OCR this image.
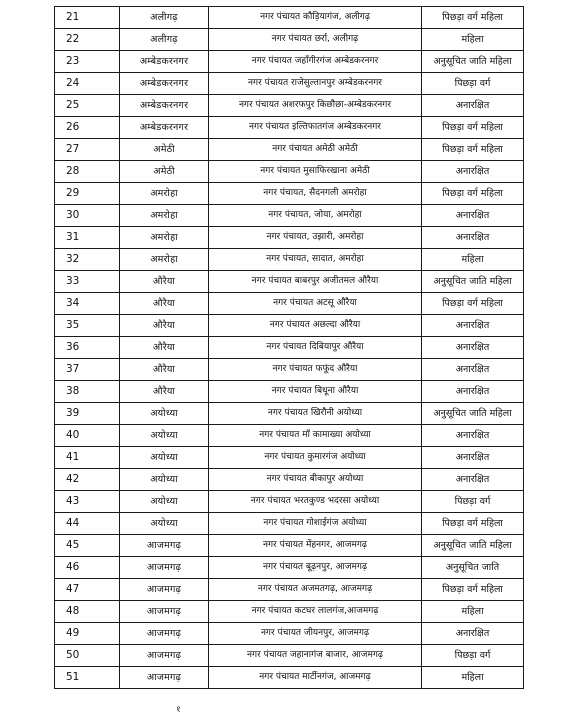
21	अलीगढ़	नगर पंचायत कौड़ियागंज, अलीगढ़	पिछड़ा वर्ग महिला
22	अलीगढ़	नगर पंचायत छर्रा, अलीगढ़	महिला
23	अम्बेडकरनगर	नगर पंचायत जहाँगीरगंज अम्बेडकरनगर	अनुसूचित जाति महिला
24	अम्बेडकरनगर	नगर पंचायत राजेसुल्तानपुर अम्बेडकरनगर	पिछड़ा वर्ग
25	अम्बेडकरनगर	नगर पंचायत अशरफपुर किछौछा-अम्बेडकरनगर	अनारक्षित
26	अम्बेडकरनगर	नगर पंचायत इल्तिफातगंज अम्बेडकरनगर	पिछड़ा वर्ग महिला
27	अमेठी	नगर पंचायत अमेठी अमेठी	पिछड़ा वर्ग महिला
28	अमेठी	नगर पंचायत मुसाफिरखाना अमेठी	अनारक्षित
29	अमरोहा	नगर पंचायत, सैदनगली अमरोहा	पिछड़ा वर्ग महिला
30	अमरोहा	नगर पंचायत, जोया, अमरोहा	अनारक्षित
31	अमरोहा	नगर पंचायत, उझारी, अमरोहा	अनारक्षित
32	अमरोहा	नगर पंचायत, सादात, अमरोहा	महिला
33	औरैया	नगर पंचायत बाबरपुर अजीतमल औरैया	अनुसूचित जाति महिला
34	औरैया	नगर पंचायत अटसू औरैया	पिछड़ा वर्ग महिला
35	औरैया	नगर पंचायत अछल्दा औरैया	अनारक्षित
36	औरैया	नगर पंचायत दिबियापुर औरैया	अनारक्षित
37	औरैया	नगर पंचायत फफूंद औरैया	अनारक्षित
38	औरैया	नगर पंचायत बिधूना औरैया	अनारक्षित
39	अयोध्या	नगर पंचायत खिरौनी अयोध्या	अनुसूचित जाति महिला
40	अयोध्या	नगर पंचायत मॉ कामाख्या अयोध्या	अनारक्षित
41	अयोध्या	नगर पंचायत कुमारगंज अयोध्या	अनारक्षित
42	अयोध्या	नगर पंचायत बीकापुर अयोध्या	अनारक्षित
43	अयोध्या	नगर पंचायत भरतकुण्ड भदरसा अयोध्या	पिछड़ा वर्ग
44	अयोध्या	नगर पंचायत गोशाईगंज अयोध्या	पिछड़ा वर्ग महिला
45	आजमगढ़	नगर पंचायत मेंहनगर, आजमगढ़	अनुसूचित जाति महिला
46	आजमगढ़	नगर पंचायत बूढ़नपुर, आजमगढ़	अनुसूचित जाति
47	आजमगढ़	नगर पंचायत अजमतगढ़, आजमगढ़	पिछड़ा वर्ग महिला
48	आजमगढ़	नगर पंचायत कटघर लालगंज,आजमगढ़	महिला
49	आजमगढ़	नगर पंचायत जीयनपुर, आजमगढ़	अनारक्षित
50	आजमगढ़	नगर पंचायत जहानागंज बाजार, आजमगढ़	पिछड़ा वर्ग
51	आजमगढ़	नगर पंचायत मार्टीनगंज, आजमगढ़	महिला
१
